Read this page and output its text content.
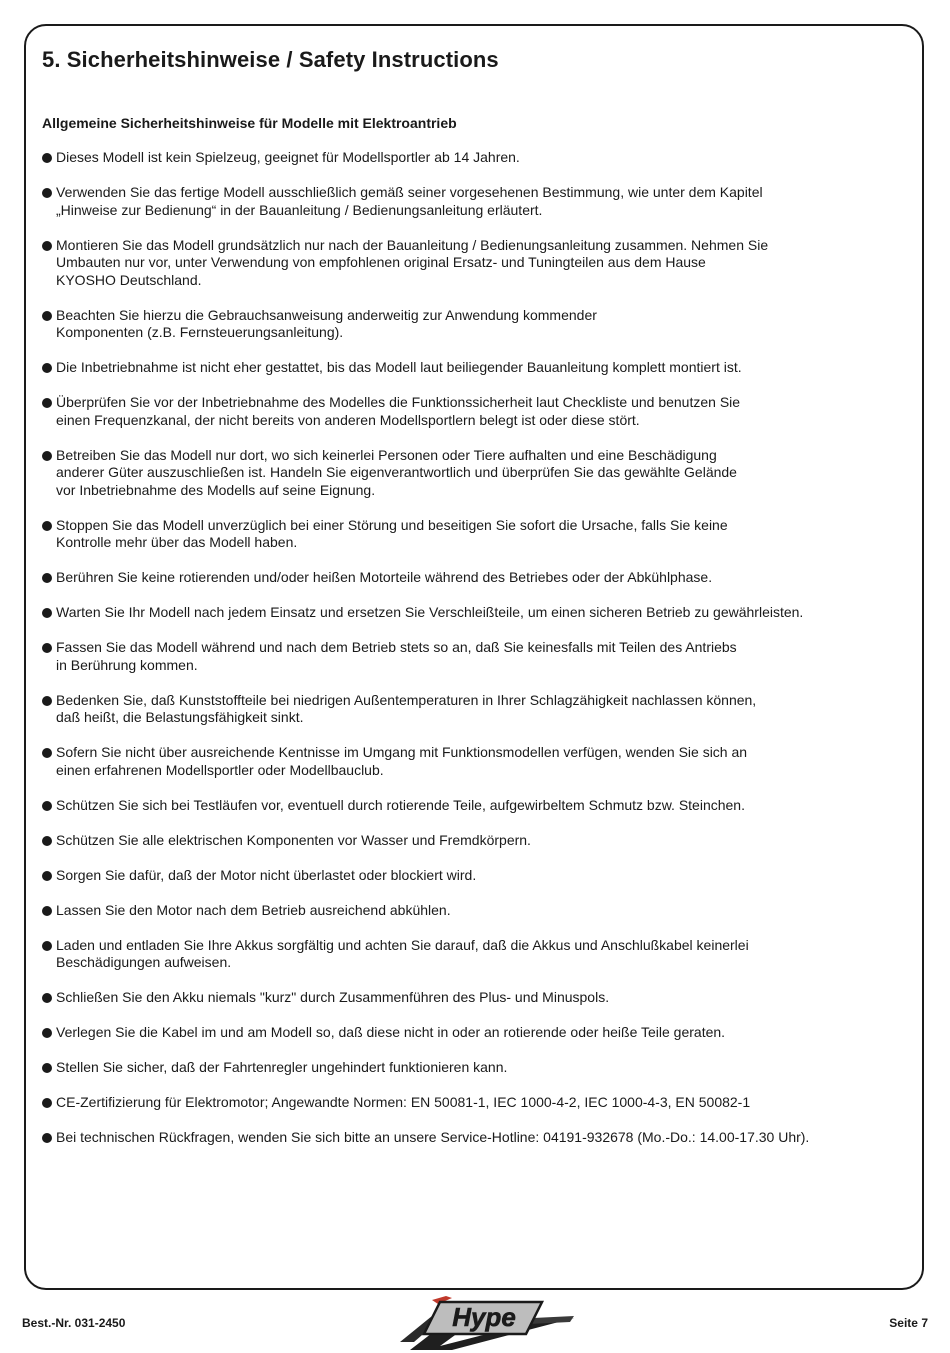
5. Sicherheitshinweise / Safety Instructions
Allgemeine Sicherheitshinweise für Modelle mit Elektroantrieb
Dieses Modell ist kein Spielzeug, geeignet für Modellsportler ab 14 Jahren.
Verwenden Sie das fertige Modell ausschließlich gemäß seiner vorgesehenen Bestimmung, wie unter dem Kapitel
„Hinweise zur Bedienung“ in der Bauanleitung / Bedienungsanleitung erläutert.
Montieren Sie das Modell grundsätzlich nur nach der Bauanleitung / Bedienungsanleitung zusammen. Nehmen Sie
Umbauten nur vor, unter Verwendung von empfohlenen original Ersatz- und Tuningteilen aus dem Hause
KYOSHO Deutschland.
Beachten Sie hierzu die Gebrauchsanweisung anderweitig zur Anwendung kommender
Komponenten (z.B. Fernsteuerungsanleitung).
Die Inbetriebnahme ist nicht eher gestattet, bis das Modell laut beiliegender Bauanleitung komplett montiert ist.
Überprüfen Sie vor der Inbetriebnahme des Modelles die Funktionssicherheit laut Checkliste und benutzen Sie
einen Frequenzkanal, der nicht bereits von anderen Modellsportlern belegt ist oder diese stört.
Betreiben Sie das Modell nur dort, wo sich keinerlei Personen oder Tiere aufhalten und eine Beschädigung
anderer Güter auszuschließen ist. Handeln Sie eigenverantwortlich und überprüfen Sie das gewählte Gelände
vor Inbetriebnahme des Modells auf seine Eignung.
Stoppen Sie das Modell unverzüglich bei einer Störung und beseitigen Sie sofort die Ursache, falls Sie keine
Kontrolle mehr über das Modell haben.
Berühren Sie keine rotierenden und/oder heißen Motorteile während des Betriebes oder der Abkühlphase.
Warten Sie Ihr Modell nach jedem Einsatz und ersetzen Sie Verschleißteile, um einen sicheren Betrieb zu gewährleisten.
Fassen Sie das Modell während und nach dem Betrieb stets so an, daß Sie keinesfalls mit Teilen des Antriebs
in Berührung kommen.
Bedenken Sie, daß Kunststoffteile bei niedrigen Außentemperaturen in Ihrer Schlagzähigkeit nachlassen können,
daß heißt, die Belastungsfähigkeit sinkt.
Sofern Sie nicht über ausreichende Kentnisse im Umgang mit Funktionsmodellen verfügen, wenden Sie sich an
einen erfahrenen Modellsportler oder Modellbauclub.
Schützen Sie sich bei Testläufen vor, eventuell durch rotierende Teile, aufgewirbeltem Schmutz bzw. Steinchen.
Schützen Sie alle elektrischen Komponenten vor Wasser und Fremdkörpern.
Sorgen Sie dafür, daß der Motor nicht überlastet oder blockiert wird.
Lassen Sie den Motor nach dem Betrieb ausreichend abkühlen.
Laden und entladen Sie Ihre Akkus sorgfältig und achten Sie darauf, daß die Akkus und Anschlußkabel keinerlei
Beschädigungen aufweisen.
Schließen Sie den Akku niemals "kurz" durch Zusammenführen des Plus- und Minuspols.
Verlegen Sie die Kabel im und am Modell so, daß diese nicht in oder an rotierende oder heiße Teile geraten.
Stellen Sie sicher, daß der Fahrtenregler ungehindert funktionieren kann.
CE-Zertifizierung für Elektromotor; Angewandte Normen: EN 50081-1, IEC 1000-4-2, IEC 1000-4-3, EN 50082-1
Bei technischen Rückfragen, wenden Sie sich bitte an unsere Service-Hotline: 04191-932678 (Mo.-Do.: 14.00-17.30 Uhr).
Best.-Nr. 031-2450	Hype	Seite 7
